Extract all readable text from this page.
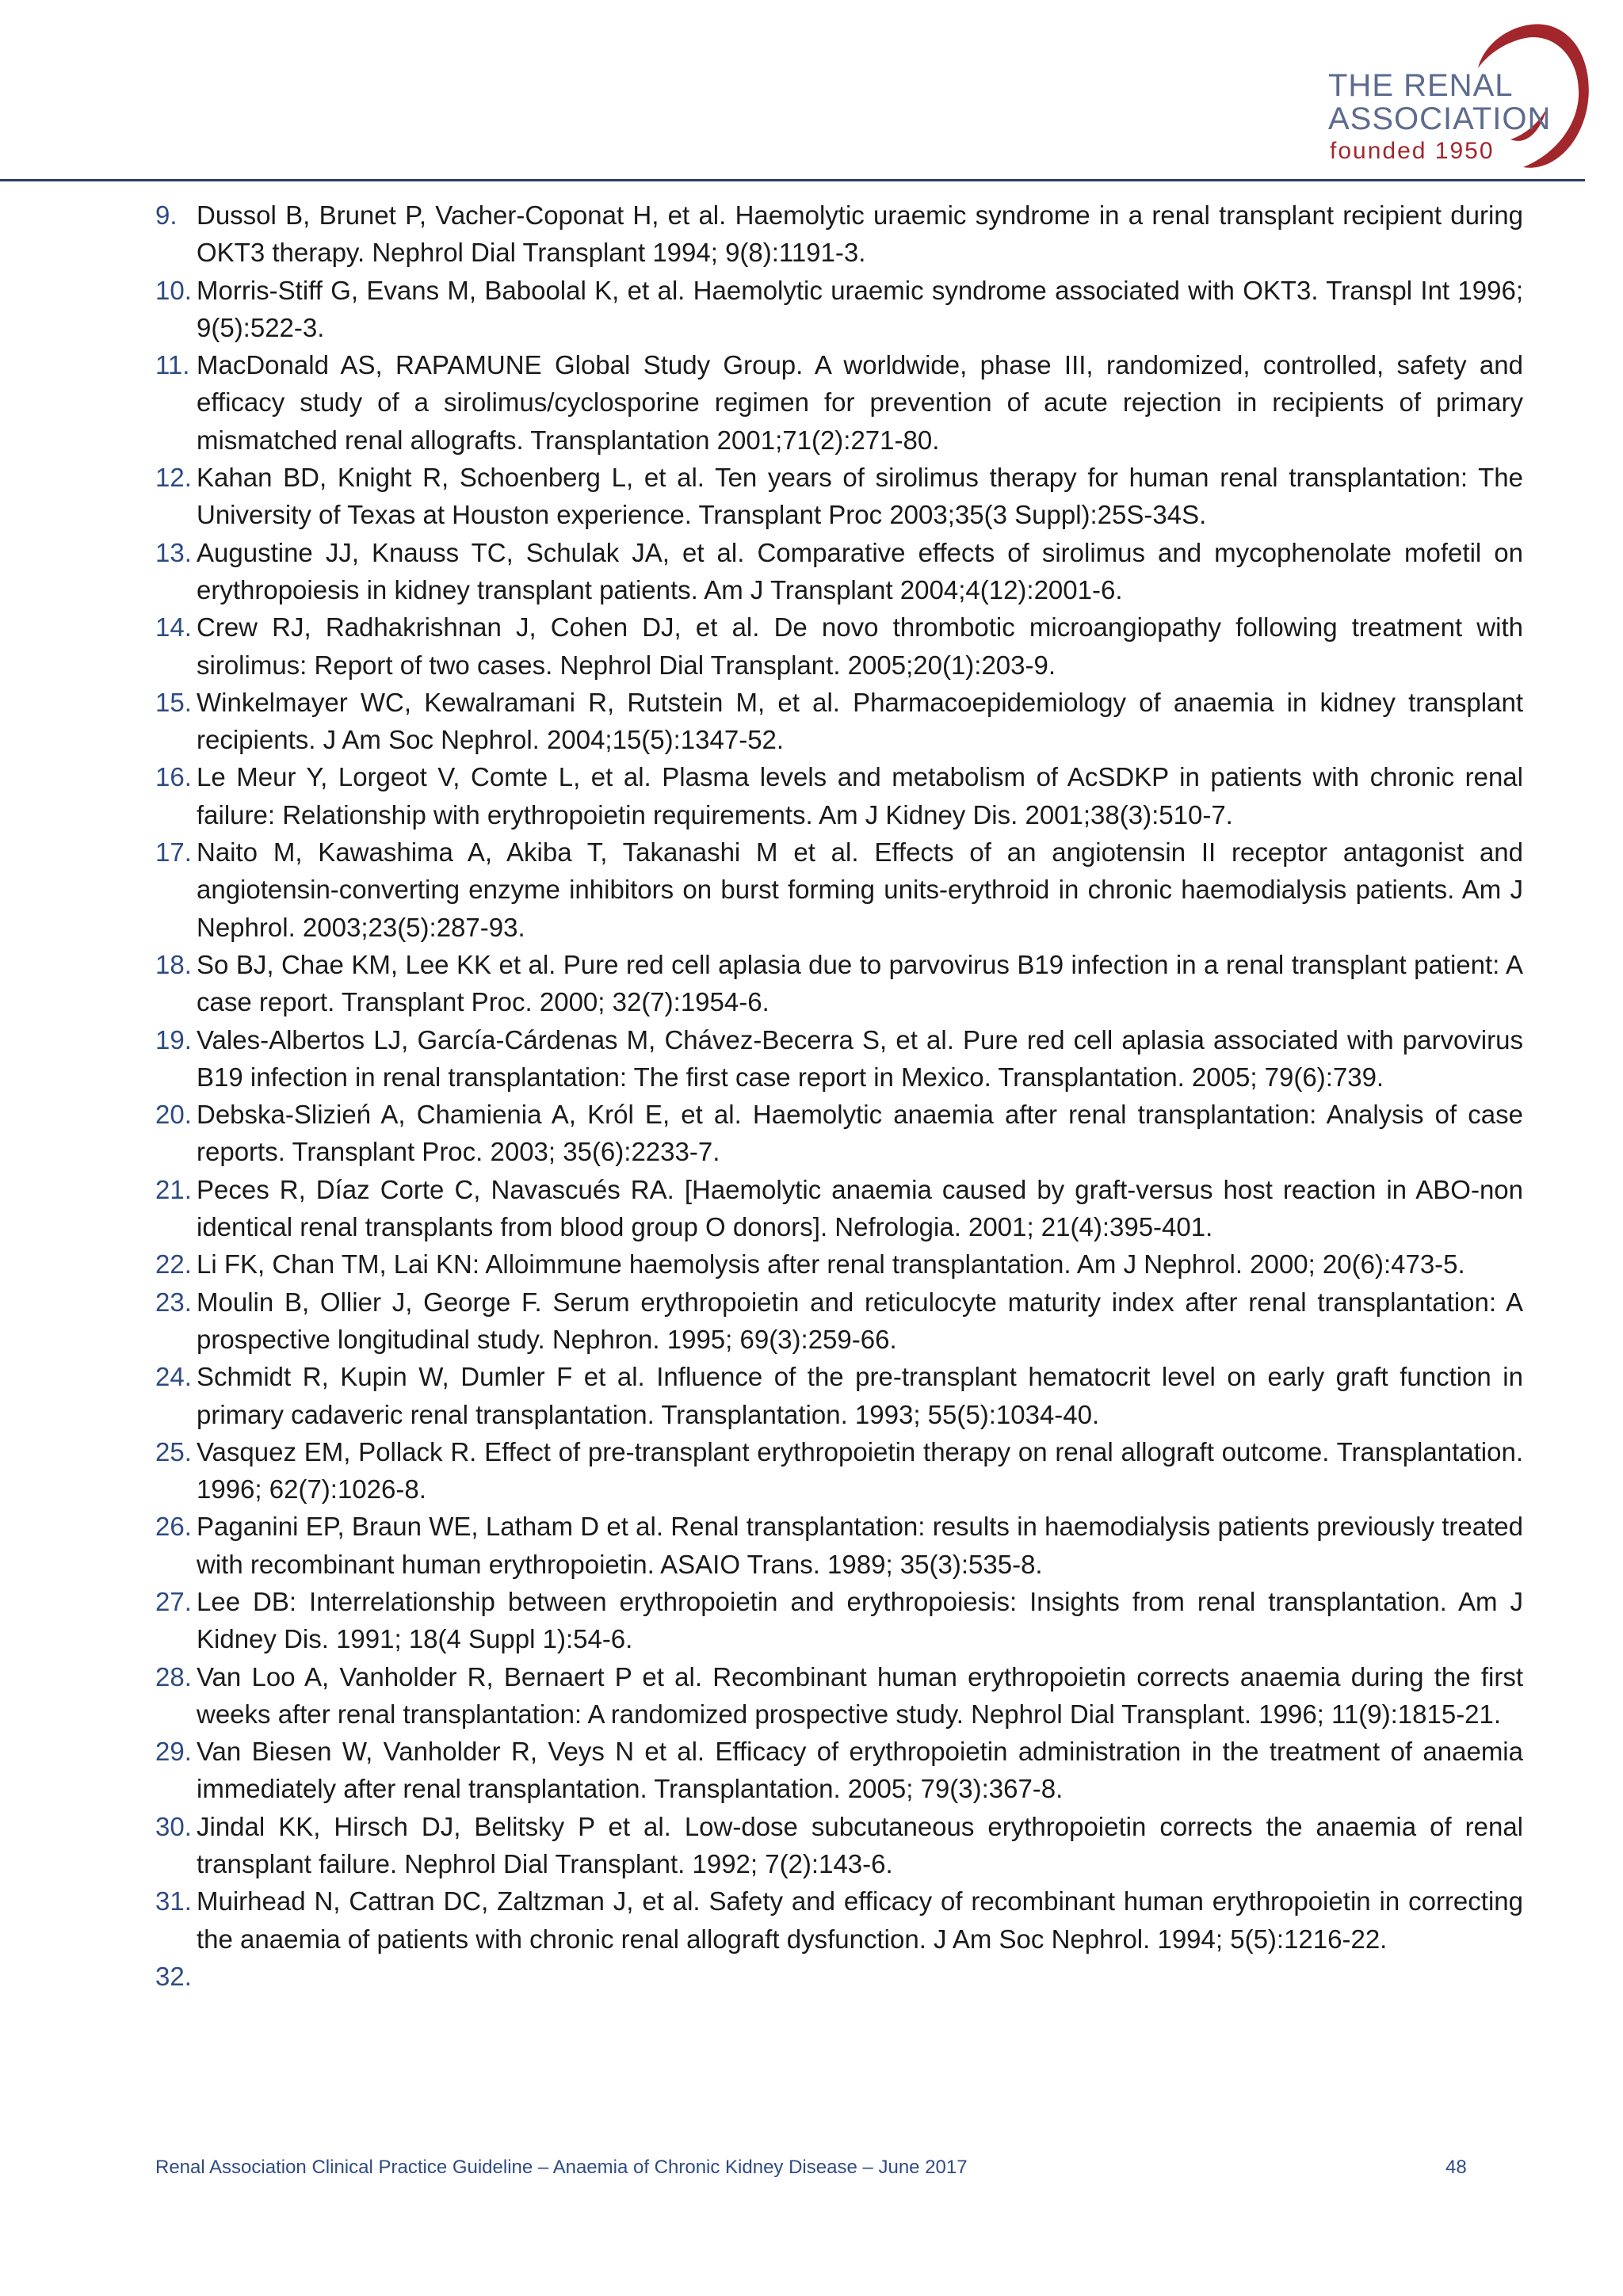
THE RENAL
ASSOCIATION
founded 1950
9. Dussol B, Brunet P, Vacher-Coponat H, et al. Haemolytic uraemic syndrome in a renal transplant recipient during OKT3 therapy. Nephrol Dial Transplant 1994; 9(8):1191-3.
10. Morris-Stiff G, Evans M, Baboolal K, et al. Haemolytic uraemic syndrome associated with OKT3. Transpl Int 1996; 9(5):522-3.
11. MacDonald AS, RAPAMUNE Global Study Group. A worldwide, phase III, randomized, controlled, safety and efficacy study of a sirolimus/cyclosporine regimen for prevention of acute rejection in recipients of primary mismatched renal allografts. Transplantation 2001;71(2):271-80.
12. Kahan BD, Knight R, Schoenberg L, et al. Ten years of sirolimus therapy for human renal transplantation: The University of Texas at Houston experience. Transplant Proc 2003;35(3 Suppl):25S-34S.
13. Augustine JJ, Knauss TC, Schulak JA, et al. Comparative effects of sirolimus and mycophenolate mofetil on erythropoiesis in kidney transplant patients. Am J Transplant 2004;4(12):2001-6.
14. Crew RJ, Radhakrishnan J, Cohen DJ, et al. De novo thrombotic microangiopathy following treatment with sirolimus: Report of two cases. Nephrol Dial Transplant. 2005;20(1):203-9.
15. Winkelmayer WC, Kewalramani R, Rutstein M, et al. Pharmacoepidemiology of anaemia in kidney transplant recipients. J Am Soc Nephrol. 2004;15(5):1347-52.
16. Le Meur Y, Lorgeot V, Comte L, et al. Plasma levels and metabolism of AcSDKP in patients with chronic renal failure: Relationship with erythropoietin requirements. Am J Kidney Dis. 2001;38(3):510-7.
17. Naito M, Kawashima A, Akiba T, Takanashi M et al. Effects of an angiotensin II receptor antagonist and angiotensin-converting enzyme inhibitors on burst forming units-erythroid in chronic haemodialysis patients. Am J Nephrol. 2003;23(5):287-93.
18. So BJ, Chae KM, Lee KK et al. Pure red cell aplasia due to parvovirus B19 infection in a renal transplant patient: A case report. Transplant Proc. 2000; 32(7):1954-6.
19. Vales-Albertos LJ, García-Cárdenas M, Chávez-Becerra S, et al. Pure red cell aplasia associated with parvovirus B19 infection in renal transplantation: The first case report in Mexico. Transplantation. 2005; 79(6):739.
20. Debska-Slizień A, Chamienia A, Król E, et al. Haemolytic anaemia after renal transplantation: Analysis of case reports. Transplant Proc. 2003; 35(6):2233-7.
21. Peces R, Díaz Corte C, Navascués RA. [Haemolytic anaemia caused by graft-versus host reaction in ABO-non identical renal transplants from blood group O donors]. Nefrologia. 2001; 21(4):395-401.
22. Li FK, Chan TM, Lai KN: Alloimmune haemolysis after renal transplantation. Am J Nephrol. 2000; 20(6):473-5.
23. Moulin B, Ollier J, George F. Serum erythropoietin and reticulocyte maturity index after renal transplantation: A prospective longitudinal study. Nephron. 1995; 69(3):259-66.
24. Schmidt R, Kupin W, Dumler F et al. Influence of the pre-transplant hematocrit level on early graft function in primary cadaveric renal transplantation. Transplantation. 1993; 55(5):1034-40.
25. Vasquez EM, Pollack R. Effect of pre-transplant erythropoietin therapy on renal allograft outcome. Transplantation. 1996; 62(7):1026-8.
26. Paganini EP, Braun WE, Latham D et al. Renal transplantation: results in haemodialysis patients previously treated with recombinant human erythropoietin. ASAIO Trans. 1989; 35(3):535-8.
27. Lee DB: Interrelationship between erythropoietin and erythropoiesis: Insights from renal transplantation. Am J Kidney Dis. 1991; 18(4 Suppl 1):54-6.
28. Van Loo A, Vanholder R, Bernaert P et al. Recombinant human erythropoietin corrects anaemia during the first weeks after renal transplantation: A randomized prospective study. Nephrol Dial Transplant. 1996; 11(9):1815-21.
29. Van Biesen W, Vanholder R, Veys N et al. Efficacy of erythropoietin administration in the treatment of anaemia immediately after renal transplantation. Transplantation. 2005; 79(3):367-8.
30. Jindal KK, Hirsch DJ, Belitsky P et al. Low-dose subcutaneous erythropoietin corrects the anaemia of renal transplant failure. Nephrol Dial Transplant. 1992; 7(2):143-6.
31. Muirhead N, Cattran DC, Zaltzman J, et al. Safety and efficacy of recombinant human erythropoietin in correcting the anaemia of patients with chronic renal allograft dysfunction. J Am Soc Nephrol. 1994; 5(5):1216-22.
32.
Renal Association Clinical Practice Guideline – Anaemia of Chronic Kidney Disease – June 2017	48
